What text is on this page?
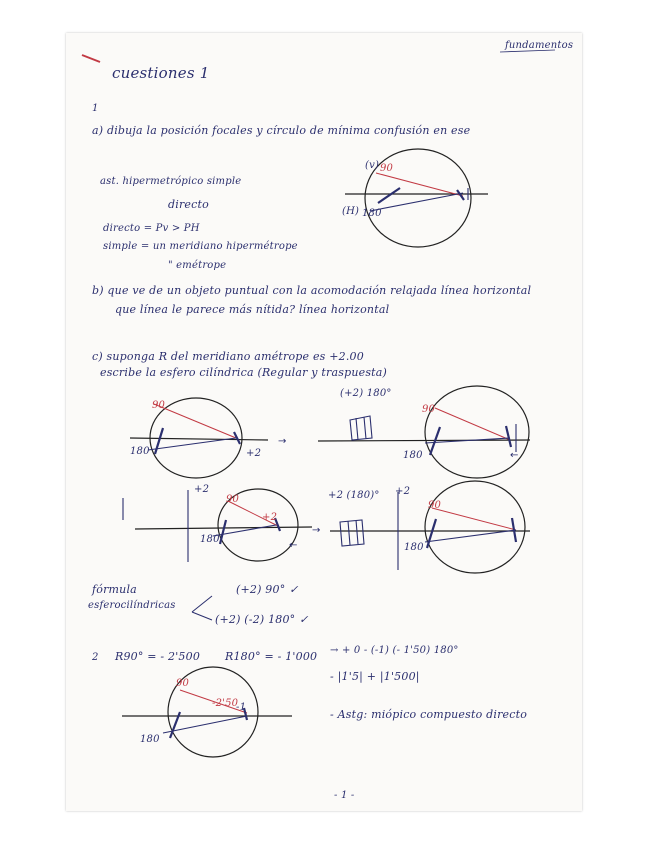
→
←
←
→
fundamentos
cuestiones 1
1
a) dibuja la posición focales y círculo de mínima confusión en ese
ast. hipermetrópico simple
directo
directo = Pv > PH
simple = un meridiano hipermétrope
" emétrope
(v) 90
(H) 180
b) que ve de un objeto puntual con la acomodación relajada línea horizontal
que línea le parece más nítida? línea horizontal
c) suponga R del meridiano amétrope es +2.00
escribe la esfero cilíndrica (Regular y traspuesta)
(+2) 180°
90
180	+2
90
180
+2
90
+2
180
+2 (180)° +2
90
180
fórmula
esferocilíndricas
(+2) 90° ✓
(+2) (-2) 180° ✓
2 R90° = - 2'500 R180° = - 1'000 → + 0 - (-1) (- 1'50) 180°
- |1'5| + |1'500|
- Astg: miópico compuesto directo
90
-2'50
-1
180
- 1 -
